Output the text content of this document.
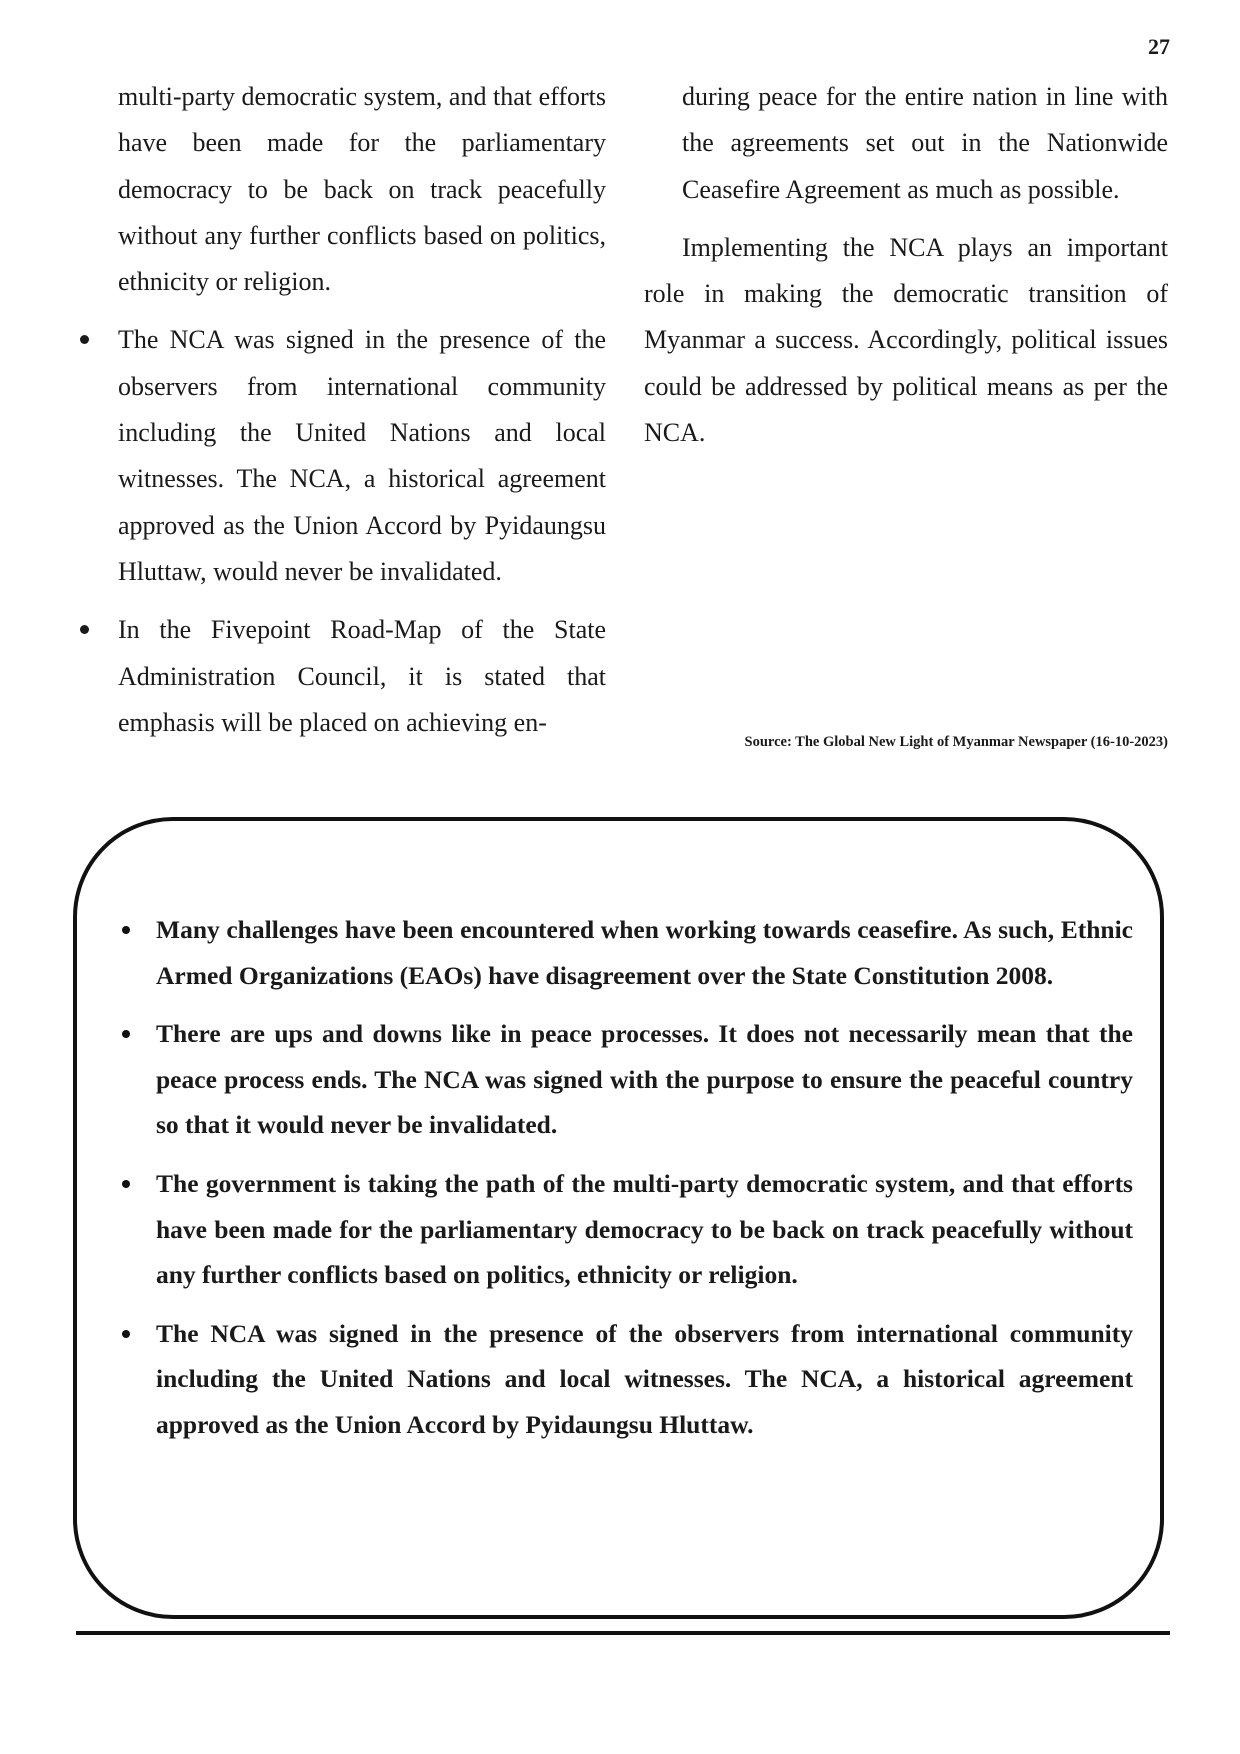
27

multi-party democratic system, and that efforts have been made for the parliamentary democracy to be back on track peacefully without any further conflicts based on politics, ethnicity or religion.

The NCA was signed in the presence of the observers from international community including the United Nations and local witnesses. The NCA, a historical agreement approved as the Union Accord by Pyidaungsu Hluttaw, would never be invalidated.
In the Fivepoint Road-Map of the State Administration Council, it is stated that emphasis will be placed on achieving en-

during peace for the entire nation in line with the agreements set out in the Nationwide Ceasefire Agreement as much as possible.

Implementing the NCA plays an important role in making the democratic transition of Myanmar a success. Accordingly, political issues could be addressed by political means as per the NCA.

Source: The Global New Light of Myanmar Newspaper (16-10-2023)
Many challenges have been encountered when working towards ceasefire. As such, Ethnic Armed Organizations (EAOs) have disagreement over the State Constitution 2008.
There are ups and downs like in peace processes. It does not necessarily mean that the peace process ends. The NCA was signed with the purpose to ensure the peaceful country so that it would never be invalidated.
The government is taking the path of the multi-party democratic system, and that efforts have been made for the parliamentary democracy to be back on track peacefully without any further conflicts based on politics, ethnicity or religion.
The NCA was signed in the presence of the observers from international community including the United Nations and local witnesses. The NCA, a historical agreement approved as the Union Accord by Pyidaungsu Hluttaw.
